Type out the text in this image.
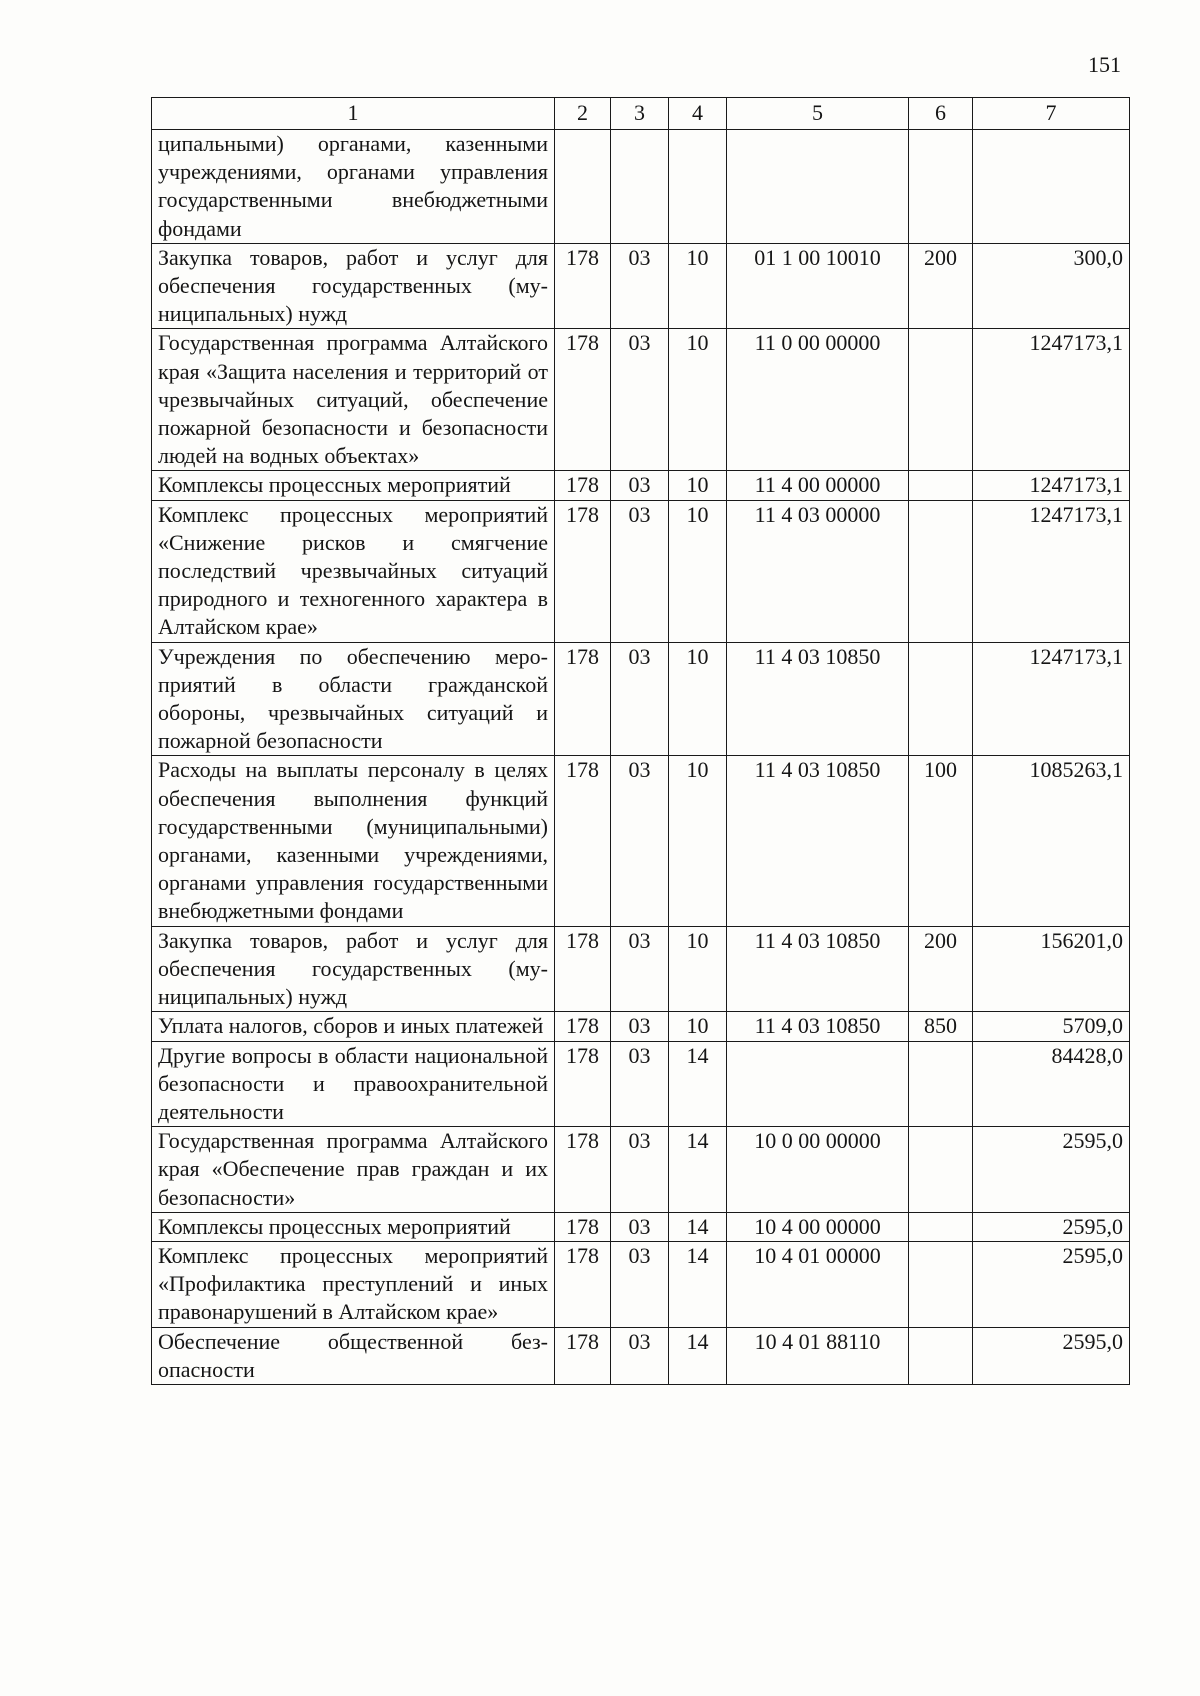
151
1	2	3	4	5	6	7
ципальными) органами, казенными учреждениями, органами управления государственными внебюджетными фондами						
Закупка товаров, работ и услуг для обеспечения государственных (муниципальных) нужд	178	03	10	01 1 00 10010	200	300,0
Государственная программа Алтайского края «Защита населения и территорий от чрезвычайных ситуаций, обеспечение пожарной безопасности и безопасности людей на водных объектах»	178	03	10	11 0 00 00000		1247173,1
Комплексы процессных мероприятий	178	03	10	11 4 00 00000		1247173,1
Комплекс процессных мероприятий «Снижение рисков и смягчение последствий чрезвычайных ситуаций природного и техногенного характера в Алтайском крае»	178	03	10	11 4 03 00000		1247173,1
Учреждения по обеспечению мероприятий в области гражданской обороны, чрезвычайных ситуаций и пожарной безопасности	178	03	10	11 4 03 10850		1247173,1
Расходы на выплаты персоналу в целях обеспечения выполнения функций государственными (муниципальными) органами, казенными учреждениями, органами управления государственными внебюджетными фондами	178	03	10	11 4 03 10850	100	1085263,1
Закупка товаров, работ и услуг для обеспечения государственных (муниципальных) нужд	178	03	10	11 4 03 10850	200	156201,0
Уплата налогов, сборов и иных платежей	178	03	10	11 4 03 10850	850	5709,0
Другие вопросы в области национальной безопасности и правоохранительной деятельности	178	03	14			84428,0
Государственная программа Алтайского края «Обеспечение прав граждан и их безопасности»	178	03	14	10 0 00 00000		2595,0
Комплексы процессных мероприятий	178	03	14	10 4 00 00000		2595,0
Комплекс процессных мероприятий «Профилактика преступлений и иных правонарушений в Алтайском крае»	178	03	14	10 4 01 00000		2595,0
Обеспечение общественной безопасности	178	03	14	10 4 01 88110		2595,0
